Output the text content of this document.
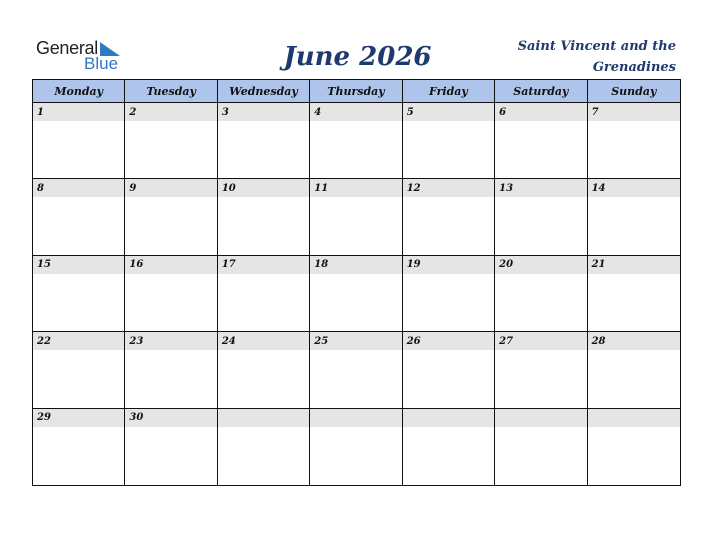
General
Blue	June 2026	Saint Vincent and the Grenadines
Monday	Tuesday	Wednesday	Thursday	Friday	Saturday	Sunday
1	2	3	4	5	6	7
8	9	10	11	12	13	14
15	16	17	18	19	20	21
22	23	24	25	26	27	28
29	30
